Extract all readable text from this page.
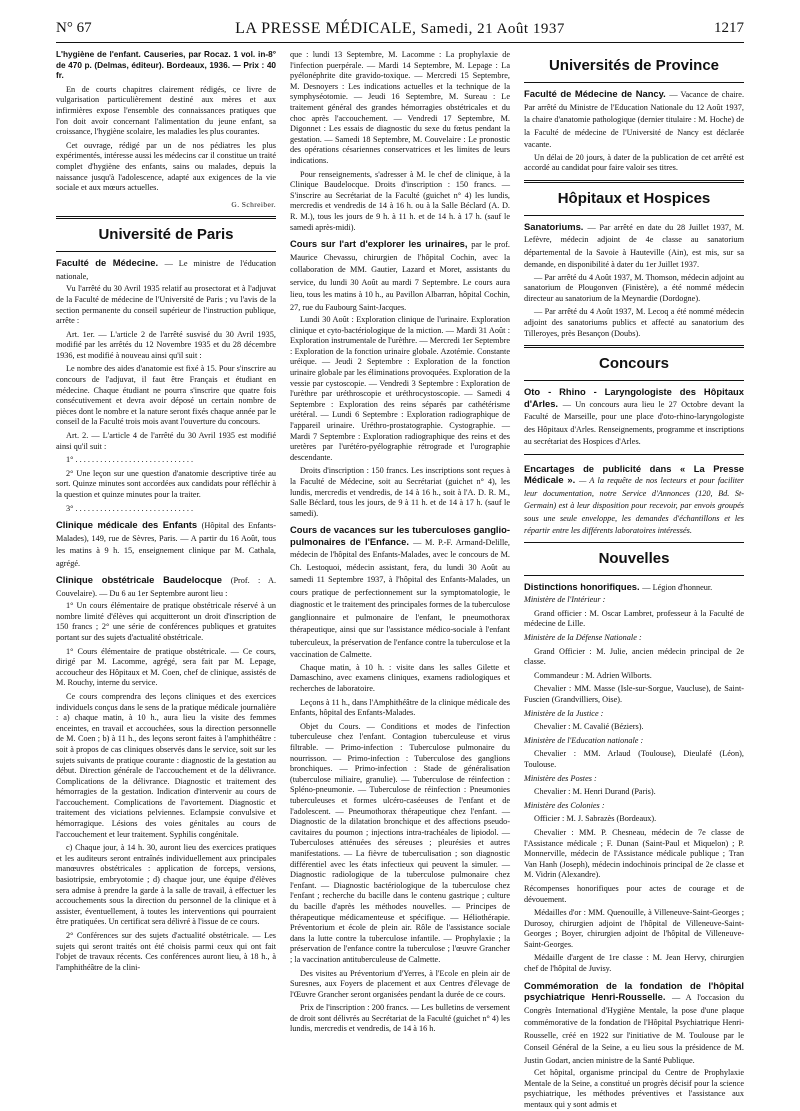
N° 67	LA PRESSE MÉDICALE, Samedi, 21 Août 1937	1217

L'hygiène de l'enfant. Causeries, par Rocaz. 1 vol. in-8° de 470 p. (Delmas, éditeur). Bordeaux, 1936. — Prix : 40 fr.

En de courts chapitres clairement rédigés, ce livre de vulgarisation particulièrement destiné aux mères et aux infirmières expose l'ensemble des connaissances pratiques que l'on doit avoir concernant l'alimentation du jeune enfant, sa croissance, l'hygiène scolaire, les maladies les plus courantes.

Cet ouvrage, rédigé par un de nos pédiatres les plus expérimentés, intéresse aussi les médecins car il constitue un traité complet d'hygiène des enfants, sains ou malades, depuis la naissance jusqu'à l'adolescence, adapté aux exigences de la vie sociale et aux mœurs actuelles.

G. Schreiber.
Université de Paris

Faculté de Médecine. — Le ministre de l'éducation nationale,

Vu l'arrêté du 30 Avril 1935 relatif au prosectorat et à l'adjuvat de la Faculté de médecine de l'Université de Paris ; vu l'avis de la section permanente du conseil supérieur de l'instruction publique, arrête :

Art. 1er. — L'article 2 de l'arrêté susvisé du 30 Avril 1935, modifié par les arrêtés du 12 Novembre 1935 et du 28 décembre 1936, est modifié à nouveau ainsi qu'il suit :

Le nombre des aides d'anatomie est fixé à 15. Pour s'inscrire au concours de l'adjuvat, il faut être Français et étudiant en médecine. Chaque étudiant ne pourra s'inscrire que quatre fois consécutivement et devra avoir déposé un certain nombre de pièces dont le nombre et la nature seront fixés chaque année par le conseil de la Faculté trois mois avant l'ouverture du concours.

Art. 2. — L'article 4 de l'arrêté du 30 Avril 1935 est modifié ainsi qu'il suit :

1° . . . . . . . . . . . . . . . . . . . . . . . . . . . . .

2° Une leçon sur une question d'anatomie descriptive tirée au sort. Quinze minutes sont accordées aux candidats pour réfléchir à la question et quinze minutes pour la traiter.

3° . . . . . . . . . . . . . . . . . . . . . . . . . . . . .

Clinique médicale des Enfants (Hôpital des Enfants-Malades), 149, rue de Sèvres, Paris. — A partir du 16 Août, tous les matins à 9 h. 15, enseignement clinique par M. Cathala, agrégé.

Clinique obstétricale Baudelocque (Prof. : A. Couvelaire). — Du 6 au 1er Septembre auront lieu :

1° Un cours élémentaire de pratique obstétricale réservé à un nombre limité d'élèves qui acquitteront un droit d'inscription de 150 francs ; 2° une série de conférences publiques et gratuites portant sur des sujets d'actualité obstétricale.

1° Cours élémentaire de pratique obstétricale. — Ce cours, dirigé par M. Lacomme, agrégé, sera fait par M. Lepage, accoucheur des Hôpitaux et M. Coen, chef de clinique, assistés de M. Rouchy, interne du service.

Ce cours comprendra des leçons cliniques et des exercices individuels conçus dans le sens de la pratique médicale journalière : a) chaque matin, à 10 h., aura lieu la visite des femmes enceintes, en travail et accouchées, sous la direction personnelle de M. Coen ; b) à 11 h., des leçons seront faites à l'amphithéâtre : soit à propos de cas cliniques observés dans le service, soit sur les sujets suivants de pratique courante : diagnostic de la gestation au début. Direction générale de l'accouchement et de la délivrance. Complications de la délivrance. Diagnostic et traitement des hémorragies de la gestation. Indication d'intervenir au cours de l'accouchement. Complications de l'avortement. Diagnostic et traitement des viciations pelviennes. Eclampsie convulsive et hémorragique. Lésions des voies génitales au cours de l'accouchement et leur traitement. Syphilis congénitale.

c) Chaque jour, à 14 h. 30, auront lieu des exercices pratiques et les auditeurs seront entraînés individuellement aux principales manœuvres obstétricales : application de forceps, versions, basiotripsie, embryotomie ; d) chaque jour, une équipe d'élèves sera admise à prendre la garde à la salle de travail, à effectuer les accouchements sous la direction du personnel de la clinique et à assister, éventuellement, à toutes les interventions qui pourraient être pratiquées. Un certificat sera délivré à l'issue de ce cours.

2° Conférences sur des sujets d'actualité obstétricale. — Les sujets qui seront traités ont été choisis parmi ceux qui ont fait l'objet de travaux récents. Ces conférences auront lieu, à 18 h., à l'amphithéâtre de la clini-

que : lundi 13 Septembre, M. Lacomme : La prophylaxie de l'infection puerpérale. — Mardi 14 Septembre, M. Lepage : La pyélonéphrite dite gravido-toxique. — Mercredi 15 Septembre, M. Desnoyers : Les indications actuelles et la technique de la symphyséotomie. — Jeudi 16 Septembre, M. Sureau : Le traitement général des grandes hémorragies obstétricales et du choc après l'accouchement. — Vendredi 17 Septembre, M. Digonnet : Les essais de diagnostic du sexe du fœtus pendant la gestation. — Samedi 18 Septembre, M. Couvelaire : Le pronostic des opérations césariennes conservatrices et les limites de leurs indications.

Pour renseignements, s'adresser à M. le chef de clinique, à la Clinique Baudelocque. Droits d'inscription : 150 francs. — S'inscrire au Secrétariat de la Faculté (guichet n° 4) les lundis, mercredis et vendredis de 14 à 16 h. ou à la Salle Béclard (A. D. R. M.), tous les jours de 9 h. à 11 h. et de 14 h. à 17 h. (sauf le samedi après-midi).

Cours sur l'art d'explorer les urinaires, par le prof. Maurice Chevassu, chirurgien de l'hôpital Cochin, avec la collaboration de MM. Gautier, Lazard et Moret, assistants du service, du lundi 30 Août au mardi 7 Septembre. Le cours aura lieu, tous les matins à 10 h., au Pavillon Albarran, hôpital Cochin, 27, rue du Faubourg Saint-Jacques.

Lundi 30 Août : Exploration clinique de l'urinaire. Exploration clinique et cyto-bactériologique de la miction. — Mardi 31 Août : Exploration instrumentale de l'urèthre. — Mercredi 1er Septembre : Exploration de la fonction urinaire globale. Azotémie. Constante uréique. — Jeudi 2 Septembre : Exploration de la fonction urinaire globale par les éliminations provoquées. Exploration de la vessie par cystoscopie. — Vendredi 3 Septembre : Exploration de l'urèthre par uréthroscopie et uréthrocystoscopie. — Samedi 4 Septembre : Exploration des reins séparés par cathétérisme urétéral. — Lundi 6 Septembre : Exploration radiographique de l'appareil urinaire. Uréthro-prostatographie. Cystographie. — Mardi 7 Septembre : Exploration radiographique des reins et des uretères par l'urétéro-pyélographie rétrograde et l'urographie descendante.

Droits d'inscription : 150 francs. Les inscriptions sont reçues à la Faculté de Médecine, soit au Secrétariat (guichet n° 4), les lundis, mercredis et vendredis, de 14 à 16 h., soit à l'A. D. R. M., Salle Béclard, tous les jours, de 9 à 11 h. et de 14 à 17 h. (sauf le samedi).

Cours de vacances sur les tuberculoses ganglio-pulmonaires de l'Enfance. — M. P.-F. Armand-Delille, médecin de l'hôpital des Enfants-Malades, avec le concours de M. Ch. Lestoquoi, médecin assistant, fera, du lundi 30 Août au samedi 11 Septembre 1937, à l'hôpital des Enfants-Malades, un cours pratique de perfectionnement sur la symptomatologie, le diagnostic et le traitement des principales formes de la tuberculose ganglionnaire et pulmonaire de l'enfant, le pneumothorax thérapeutique, ainsi que sur l'assistance médico-sociale à l'enfant tuberculeux, la préservation de l'enfance contre la tuberculose et la vaccination de Calmette.

Chaque matin, à 10 h. : visite dans les salles Gilette et Damaschino, avec examens cliniques, examens radiologiques et recherches de laboratoire.

Leçons à 11 h., dans l'Amphithéâtre de la clinique médicale des Enfants, hôpital des Enfants-Malades.

Objet du Cours. — Conditions et modes de l'infection tuberculeuse chez l'enfant. Contagion tuberculeuse et virus filtrable. — Primo-infection : Tuberculose pulmonaire du nourrisson. — Primo-infection : Tuberculose des ganglions bronchiques. — Primo-infection : Stade de généralisation (tuberculose miliaire, granulie). — Tuberculose de réinfection : Spléno-pneumonie. — Tuberculose de réinfection : Pneumonies tuberculeuses et formes ulcéro-caséeuses de l'enfant et de l'adolescent. — Pneumothorax thérapeutique chez l'enfant. — Diagnostic de la dilatation bronchique et des affections pseudo-cavitaires du poumon ; injections intra-trachéales de lipiodol. — Tuberculoses atténuées des séreuses ; pleurésies et autres manifestations. — La fièvre de tuberculisation ; son diagnostic différentiel avec les états infectieux qui peuvent la simuler. — Diagnostic radiologique de la tuberculose pulmonaire chez l'enfant. — Diagnostic bactériologique de la tuberculose chez l'enfant ; recherche du bacille dans le contenu gastrique ; culture du bacille d'après les méthodes nouvelles. — Principes de thérapeutique médicamenteuse et spécifique. — Héliothérapie. Préventorium et école de plein air. Rôle de l'assistance sociale dans la lutte contre la tuberculose infantile. — Prophylaxie ; la préservation de l'enfance contre la tuberculose ; l'œuvre Grancher ; la vaccination antituberculeuse de Calmette.

Des visites au Préventorium d'Yerres, à l'Ecole en plein air de Suresnes, aux Foyers de placement et aux Centres d'élevage de l'Œuvre Grancher seront organisées pendant la durée de ce cours.

Prix de l'inscription : 200 francs. — Les bulletins de versement de droit sont délivrés au Secrétariat de la Faculté (guichet n° 4) les lundis, mercredis et vendredis, de 14 à 16 h.

Universités de Province

Faculté de Médecine de Nancy. — Vacance de chaire. Par arrêté du Ministre de l'Education Nationale du 12 Août 1937, la chaire d'anatomie pathologique (dernier titulaire : M. Hoche) de la Faculté de médecine de l'Université de Nancy est déclarée vacante.

Un délai de 20 jours, à dater de la publication de cet arrêté est accordé au candidat pour faire valoir ses titres.

Hôpitaux et Hospices

Sanatoriums. — Par arrêté en date du 28 Juillet 1937, M. Lefèvre, médecin adjoint de 4e classe au sanatorium départemental de la Savoie à Hauteville (Ain), est mis, sur sa demande, en disponibilité à dater du 1er Juillet 1937.

— Par arrêté du 4 Août 1937, M. Thomson, médecin adjoint au sanatorium de Plougonven (Finistère), a été nommé médecin directeur au sanatorium de la Meynardie (Dordogne).

— Par arrêté du 4 Août 1937, M. Lecoq a été nommé médecin adjoint des sanatoriums publics et affecté au sanatorium des Tilleroyes, près Besançon (Doubs).

Concours

Oto - Rhino - Laryngologiste des Hôpitaux d'Arles. — Un concours aura lieu le 27 Octobre devant la Faculté de Marseille, pour une place d'oto-rhino-laryngologiste des Hôpitaux d'Arles. Renseignements, programme et inscriptions au secrétariat des Hospices d'Arles.

Encartages de publicité dans « La Presse Médicale ». — A la requête de nos lecteurs et pour faciliter leur documentation, notre Service d'Annonces (120, Bd. St-Germain) est à leur disposition pour recevoir, par envois groupés sous une seule enveloppe, les demandes d'échantillons et les répartir entre les différents laboratoires intéressés.

Nouvelles

Distinctions honorifiques. — Légion d'honneur.

Ministère de l'Intérieur :

Grand officier : M. Oscar Lambret, professeur à la Faculté de médecine de Lille.

Ministère de la Défense Nationale :

Grand Officier : M. Julie, ancien médecin principal de 2e classe.

Commandeur : M. Adrien Wilborts.

Chevalier : MM. Masse (Isle-sur-Sorgue, Vaucluse), de Saint-Fuscien (Grandvilliers, Oise).

Ministère de la Justice :

Chevalier : M. Cavalié (Béziers).

Ministère de l'Education nationale :

Chevalier : MM. Arlaud (Toulouse), Dieulafé (Léon), Toulouse.

Ministère des Postes :

Chevalier : M. Henri Durand (Paris).

Ministère des Colonies :

Officier : M. J. Sabrazès (Bordeaux).

Chevalier : MM. P. Chesneau, médecin de 7e classe de l'Assistance médicale ; F. Dunan (Saint-Paul et Miquelon) ; P. Monnerville, médecin de l'Assistance médicale publique ; Tran Van Hanh (Joseph), médecin indochinois principal de 2e classe et M. Vidrin (Alexandre).

Récompenses honorifiques pour actes de courage et de dévouement.

Médailles d'or : MM. Quenouille, à Villeneuve-Saint-Georges ; Durosoy, chirurgien adjoint de l'hôpital de Villeneuve-Saint-Georges ; Boyer, chirurgien adjoint de l'hôpital de Villeneuve-Saint-Georges.

Médaille d'argent de 1re classe : M. Jean Hervy, chirurgien chef de l'hôpital de Juvisy.

Commémoration de la fondation de l'hôpital psychiatrique Henri-Rousselle. — A l'occasion du Congrès International d'Hygiène Mentale, la pose d'une plaque commémorative de la fondation de l'Hôpital Psychiatrique Henri-Rousselle, créé en 1922 sur l'initiative de M. Toulouse par le Conseil Général de la Seine, a eu lieu sous la présidence de M. Justin Godart, ancien ministre de la Santé Publique.

Cet hôpital, organisme principal du Centre de Prophylaxie Mentale de la Seine, a constitué un progrès décisif pour la science psychiatrique, les méthodes préventives et l'assistance aux mentaux qui y sont admis et
